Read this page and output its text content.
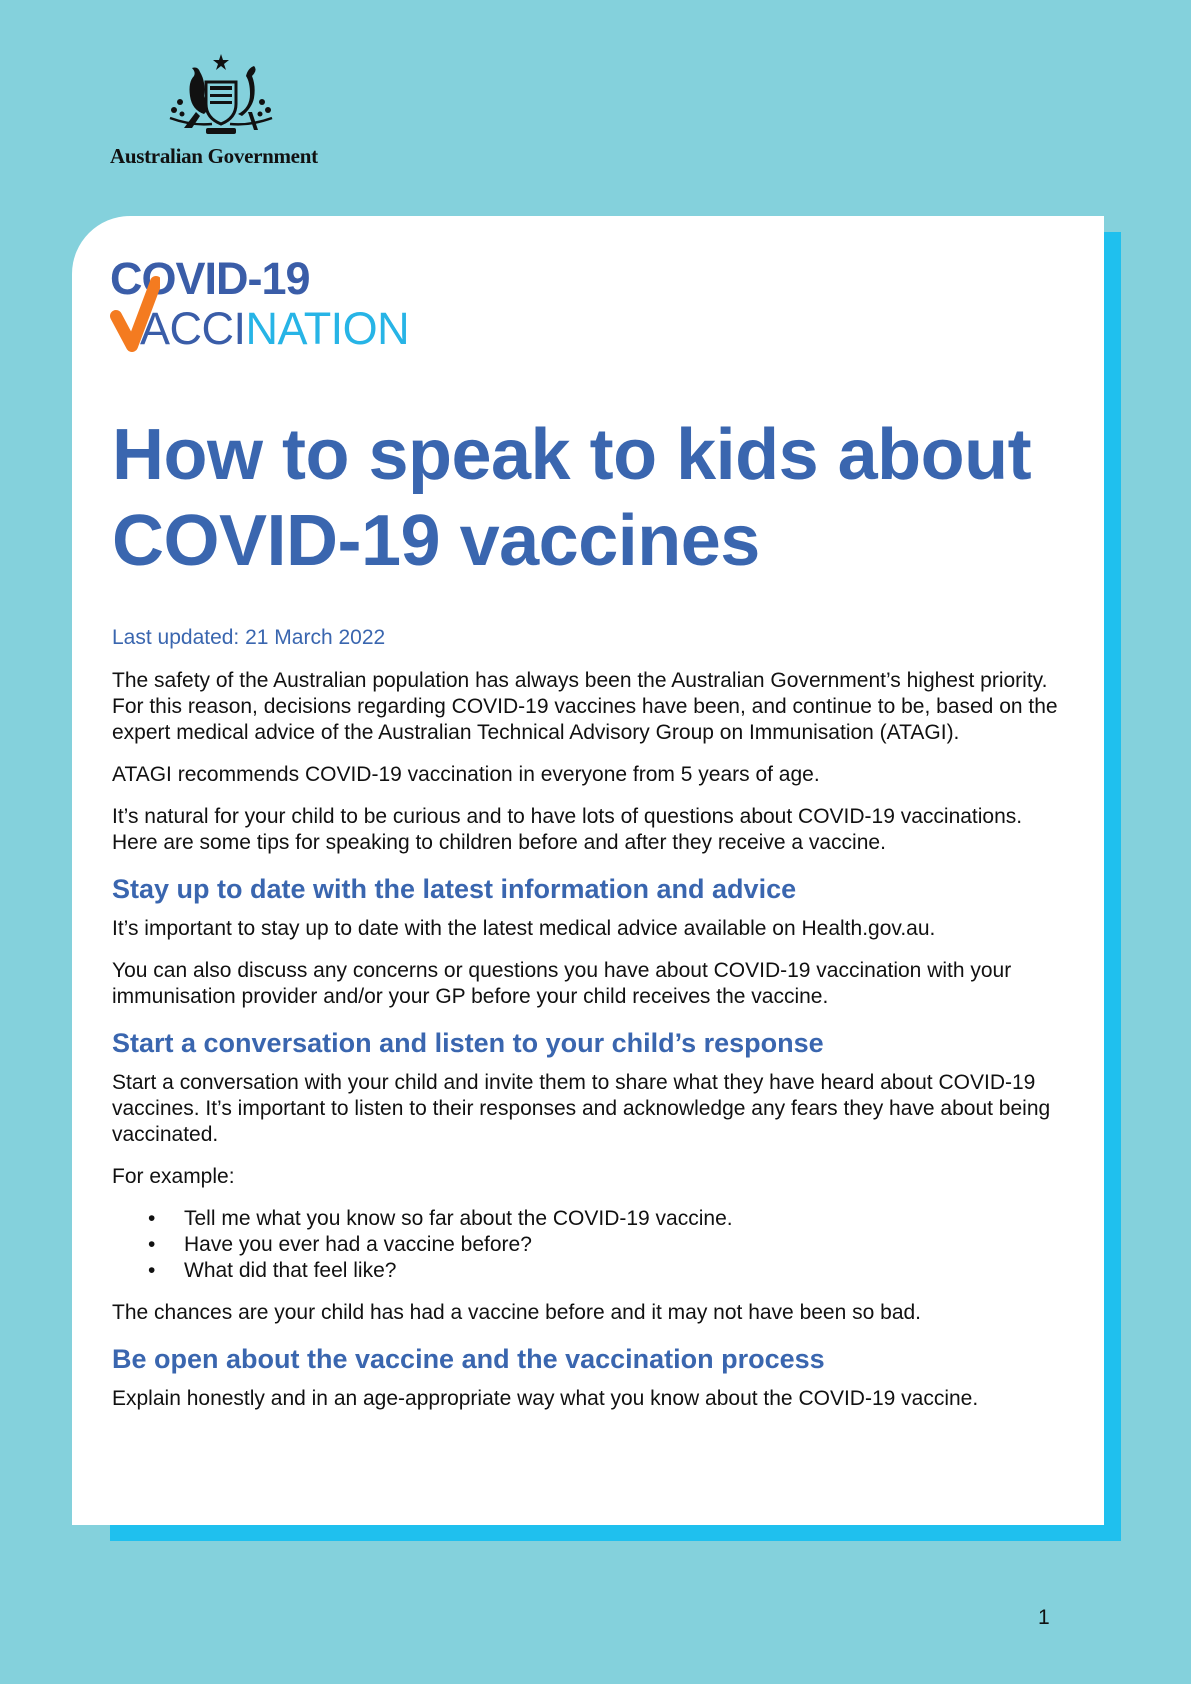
Australian Government
COVID-19
ACCINATION
How to speak to kids about COVID-19 vaccines

Last updated: 21 March 2022

The safety of the Australian population has always been the Australian Government’s highest priority. For this reason, decisions regarding COVID-19 vaccines have been, and continue to be, based on the expert medical advice of the Australian Technical Advisory Group on Immunisation (ATAGI).

ATAGI recommends COVID-19 vaccination in everyone from 5 years of age.

It’s natural for your child to be curious and to have lots of questions about COVID-19 vaccinations. Here are some tips for speaking to children before and after they receive a vaccine.

Stay up to date with the latest information and advice

It’s important to stay up to date with the latest medical advice available on Health.gov.au.

You can also discuss any concerns or questions you have about COVID-19 vaccination with your immunisation provider and/or your GP before your child receives the vaccine.

Start a conversation and listen to your child’s response

Start a conversation with your child and invite them to share what they have heard about COVID-19 vaccines. It’s important to listen to their responses and acknowledge any fears they have about being vaccinated.

For example:

• Tell me what you know so far about the COVID-19 vaccine.
• Have you ever had a vaccine before?
• What did that feel like?

The chances are your child has had a vaccine before and it may not have been so bad.

Be open about the vaccine and the vaccination process

Explain honestly and in an age-appropriate way what you know about the COVID-19 vaccine.

1
